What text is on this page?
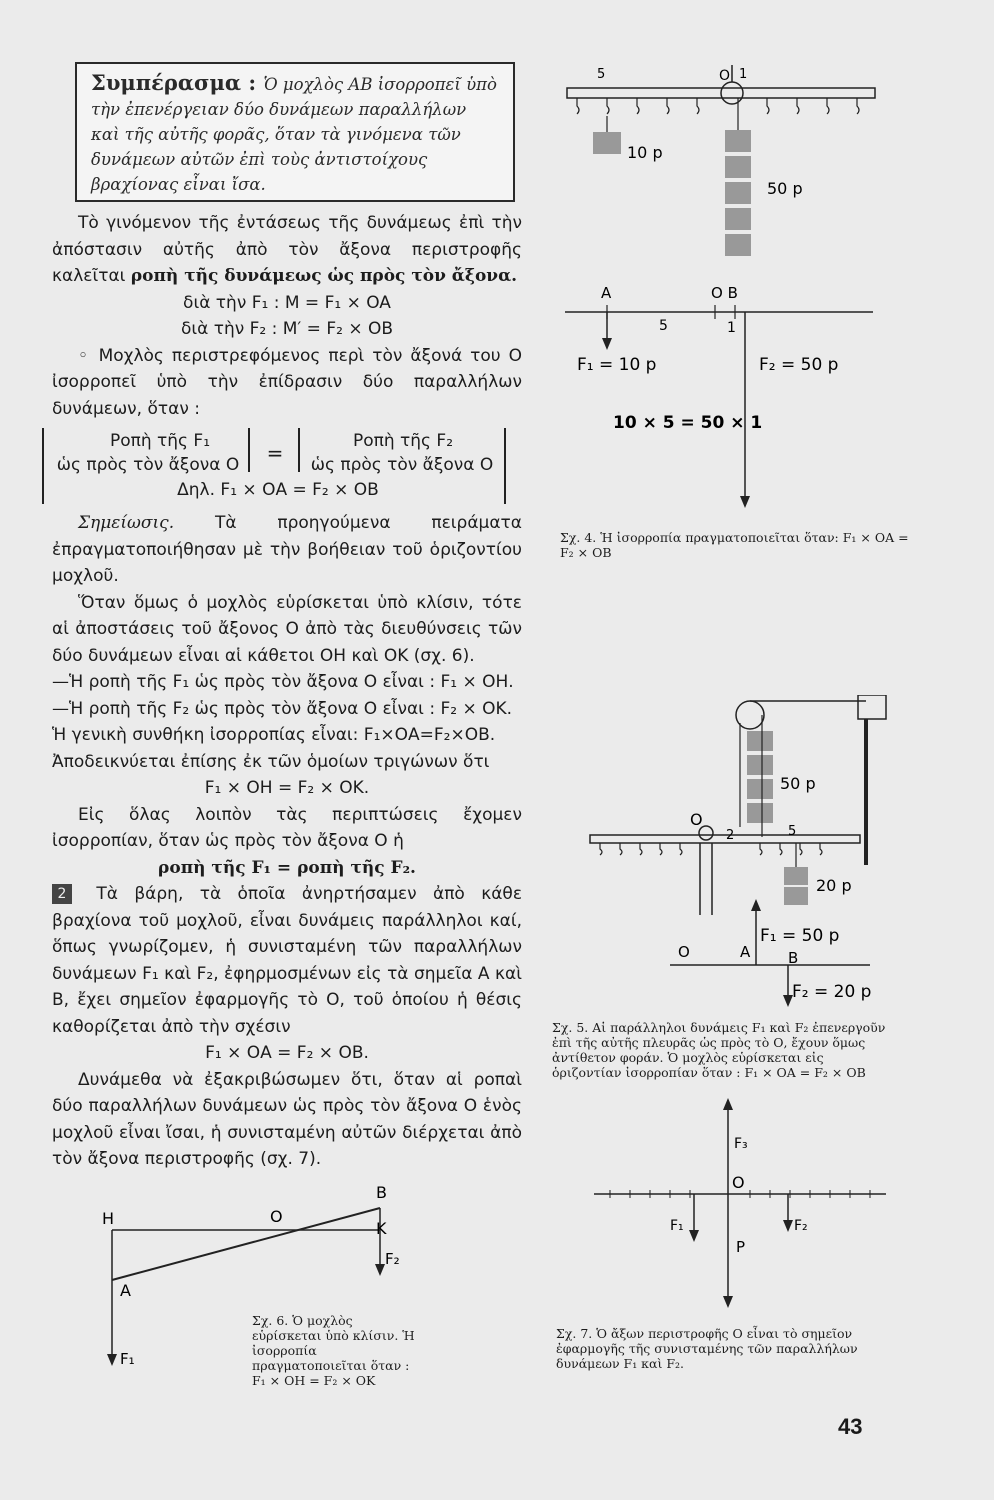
Συμπέρασμα : Ὁ μοχλὸς ΑΒ ἰσορροπεῖ ὑπὸ τὴν ἐπενέργειαν δύο δυνάμεων παραλλήλων καὶ τῆς αὐτῆς φορᾶς, ὅταν τὰ γινόμενα τῶν δυνάμεων αὐτῶν ἐπὶ τοὺς ἀντιστοίχους βραχίονας εἶναι ἴσα.

Τὸ γινόμενον τῆς ἐντάσεως τῆς δυνάμεως ἐπὶ τὴν ἀπόστασιν αὐτῆς ἀπὸ τὸν ἄξονα περιστροφῆς καλεῖται ροπὴ τῆς δυνάμεως ὡς πρὸς τὸν ἄξονα.

διὰ τὴν F₁ : M = F₁ × OA

διὰ τὴν F₂ : M′ = F₂ × OB

◦ Μοχλὸς περιστρεφόμενος περὶ τὸν ἄξονά του Ο ἰσορροπεῖ ὑπὸ τὴν ἐπίδρασιν δύο παραλλήλων δυνάμεων, ὅταν :

Ροπὴ τῆς F₁
ὡς πρὸς τὸν ἄξονα Ο	=	Ροπὴ τῆς F₂
ὡς πρὸς τὸν ἄξονα Ο
Δηλ. F₁ × ΟΑ = F₂ × ΟΒ

Σημείωσις. Τὰ προηγούμενα πειράματα ἐπραγματοποιήθησαν μὲ τὴν βοήθειαν τοῦ ὁριζοντίου μοχλοῦ.

Ὅταν ὅμως ὁ μοχλὸς εὑρίσκεται ὑπὸ κλίσιν, τότε αἱ ἀποστάσεις τοῦ ἄξονος Ο ἀπὸ τὰς διευθύνσεις τῶν δύο δυνάμεων εἶναι αἱ κάθετοι ΟΗ καὶ ΟΚ (σχ. 6).

—Ἡ ροπὴ τῆς F₁ ὡς πρὸς τὸν ἄξονα Ο εἶναι : F₁ × ΟΗ.

—Ἡ ροπὴ τῆς F₂ ὡς πρὸς τὸν ἄξονα Ο εἶναι : F₂ × ΟΚ.

Ἡ γενικὴ συνθήκη ἰσορροπίας εἶναι: F₁×ΟΑ=F₂×ΟΒ.

Ἀποδεικνύεται ἐπίσης ἐκ τῶν ὁμοίων τριγώνων ὅτι

F₁ × ΟΗ = F₂ × ΟΚ.

Εἰς ὅλας λοιπὸν τὰς περιπτώσεις ἔχομεν ἰσορροπίαν, ὅταν ὡς πρὸς τὸν ἄξονα Ο ἡ

ροπὴ τῆς F₁ = ροπὴ τῆς F₂.

2 Τὰ βάρη, τὰ ὁποῖα ἀνηρτήσαμεν ἀπὸ κάθε βραχίονα τοῦ μοχλοῦ, εἶναι δυνάμεις παράλληλοι καί, ὅπως γνωρίζομεν, ἡ συνισταμένη τῶν παραλλήλων δυνάμεων F₁ καὶ F₂, ἐφηρμοσμένων εἰς τὰ σημεῖα Α καὶ Β, ἔχει σημεῖον ἐφαρμογῆς τὸ Ο, τοῦ ὁποίου ἡ θέσις καθορίζεται ἀπὸ τὴν σχέσιν

F₁ × ΟΑ = F₂ × ΟΒ.

Δυνάμεθα νὰ ἐξακριβώσωμεν ὅτι, ὅταν αἱ ροπαὶ δύο παραλλήλων δυνάμεων ὡς πρὸς τὸν ἄξονα Ο ἑνὸς μοχλοῦ εἶναι ἴσαι, ἡ συνισταμένη αὐτῶν διέρχεται ἀπὸ τὸν ἄξονα περιστροφῆς (σχ. 7).

H	O
B
K
F₂
A
F₁
Σχ. 6. Ὁ μοχλὸς εὑρίσκεται ὑπὸ κλίσιν. Ἡ ἰσορροπία πραγματοποιεῖται ὅταν : F₁ × OH = F₂ × OK
5	O 1
10 p
50 p
A	O B
5	1
F₁ = 10 p	F₂ = 50 p
10 × 5 = 50 × 1
Σχ. 4. Ἡ ἰσορροπία πραγματοποιεῖται ὅταν: F₁ × OA = F₂ × OB
50 p
O
2	5
20 p
F₁ = 50 p
O	A	B
F₂ = 20 p
Σχ. 5. Αἱ παράλληλοι δυνάμεις F₁ καὶ F₂ ἐπενεργοῦν ἐπὶ τῆς αὐτῆς πλευρᾶς ὡς πρὸς τὸ Ο, ἔχουν ὅμως ἀντίθετον φοράν. Ὁ μοχλὸς εὑρίσκεται εἰς ὁριζοντίαν ἰσορροπίαν ὅταν : F₁ × OA = F₂ × OB
F₃
O
F₁	F₂
P
Σχ. 7. Ὁ ἄξων περιστροφῆς Ο εἶναι τὸ σημεῖον ἐφαρμογῆς τῆς συνισταμένης τῶν παραλλήλων δυνάμεων F₁ καὶ F₂.
43
